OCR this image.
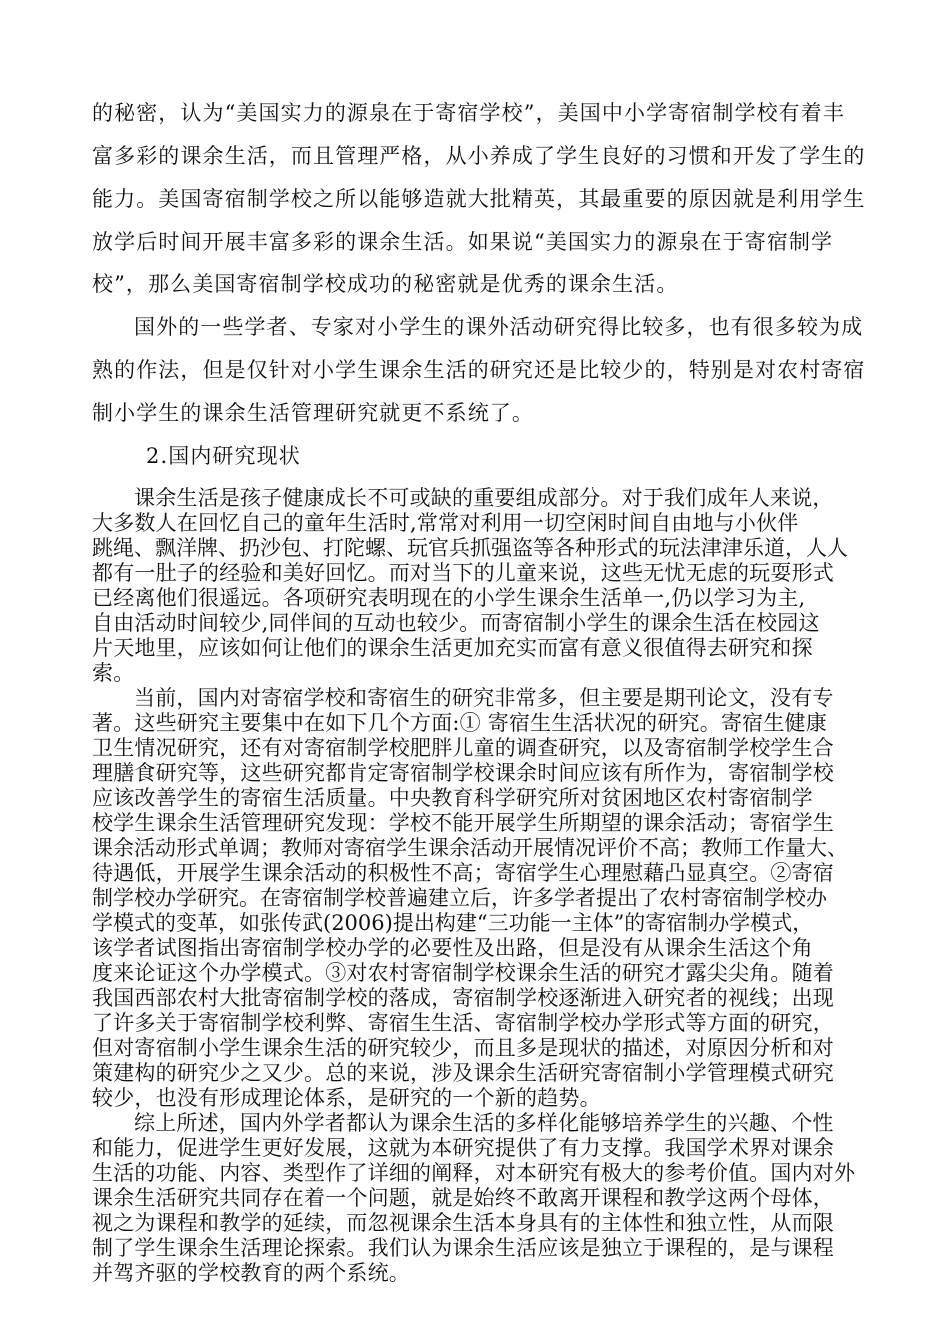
的秘密，认为“美国实力的源泉在于寄宿学校”，美国中小学寄宿制学校有着丰
富多彩的课余生活，而且管理严格，从小养成了学生良好的习惯和开发了学生的
能力。美国寄宿制学校之所以能够造就大批精英，其最重要的原因就是利用学生
放学后时间开展丰富多彩的课余生活。如果说“美国实力的源泉在于寄宿制学
校”，那么美国寄宿制学校成功的秘密就是优秀的课余生活。
国外的一些学者、专家对小学生的课外活动研究得比较多，也有很多较为成
熟的作法，但是仅针对小学生课余生活的研究还是比较少的，特别是对农村寄宿
制小学生的课余生活管理研究就更不系统了。
2.国内研究现状
课余生活是孩子健康成长不可或缺的重要组成部分。对于我们成年人来说，
大多数人在回忆自己的童年生活时,常常对利用一切空闲时间自由地与小伙伴
跳绳、飘洋牌、扔沙包、打陀螺、玩官兵抓强盗等各种形式的玩法津津乐道，人人
都有一肚子的经验和美好回忆。而对当下的儿童来说，这些无忧无虑的玩耍形式
已经离他们很遥远。各项研究表明现在的小学生课余生活单一,仍以学习为主,
自由活动时间较少,同伴间的互动也较少。而寄宿制小学生的课余生活在校园这
片天地里，应该如何让他们的课余生活更加充实而富有意义很值得去研究和探
索。
当前，国内对寄宿学校和寄宿生的研究非常多，但主要是期刊论文，没有专
著。这些研究主要集中在如下几个方面:① 寄宿生生活状况的研究。寄宿生健康
卫生情况研究，还有对寄宿制学校肥胖儿童的调查研究，以及寄宿制学校学生合
理膳食研究等，这些研究都肯定寄宿制学校课余时间应该有所作为，寄宿制学校
应该改善学生的寄宿生活质量。中央教育科学研究所对贫困地区农村寄宿制学
校学生课余生活管理研究发现：学校不能开展学生所期望的课余活动；寄宿学生
课余活动形式单调；教师对寄宿学生课余活动开展情况评价不高；教师工作量大、
待遇低，开展学生课余活动的积极性不高；寄宿学生心理慰藉凸显真空。②寄宿
制学校办学研究。在寄宿制学校普遍建立后，许多学者提出了农村寄宿制学校办
学模式的变革，如张传武(2006)提出构建“三功能一主体”的寄宿制办学模式，
该学者试图指出寄宿制学校办学的必要性及出路，但是没有从课余生活这个角
度来论证这个办学模式。③对农村寄宿制学校课余生活的研究才露尖尖角。随着
我国西部农村大批寄宿制学校的落成，寄宿制学校逐渐进入研究者的视线；出现
了许多关于寄宿制学校利弊、寄宿生生活、寄宿制学校办学形式等方面的研究，
但对寄宿制小学生课余生活的研究较少，而且多是现状的描述，对原因分析和对
策建构的研究少之又少。总的来说，涉及课余生活研究寄宿制小学管理模式研究
较少，也没有形成理论体系，是研究的一个新的趋势。
综上所述，国内外学者都认为课余生活的多样化能够培养学生的兴趣、个性
和能力，促进学生更好发展，这就为本研究提供了有力支撑。我国学术界对课余
生活的功能、内容、类型作了详细的阐释，对本研究有极大的参考价值。国内对外
课余生活研究共同存在着一个问题，就是始终不敢离开课程和教学这两个母体，
视之为课程和教学的延续，而忽视课余生活本身具有的主体性和独立性，从而限
制了学生课余生活理论探索。我们认为课余生活应该是独立于课程的，是与课程
并驾齐驱的学校教育的两个系统。
